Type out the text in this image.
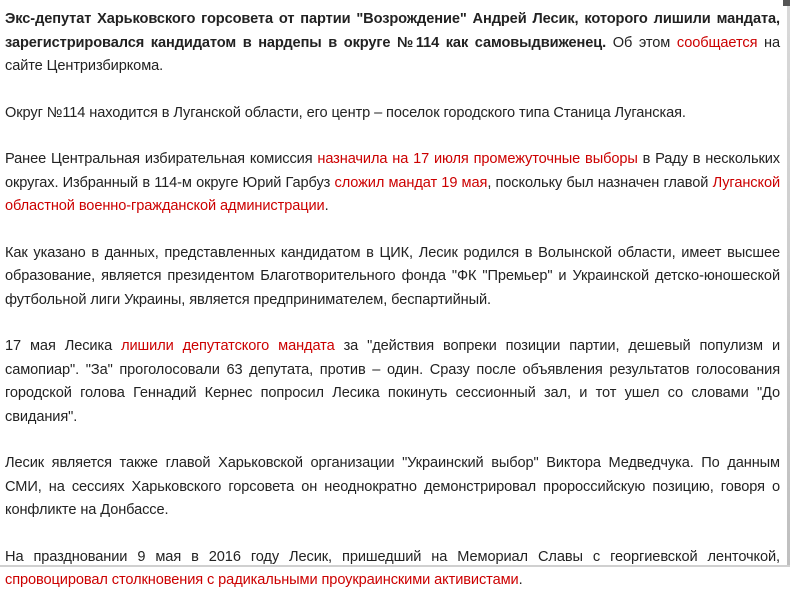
Экс-депутат Харьковского горсовета от партии "Возрождение" Андрей Лесик, которого лишили мандата, зарегистрировался кандидатом в нардепы в округе №114 как самовыдвиженец. Об этом сообщается на сайте Центризбиркома.

Округ №114 находится в Луганской области, его центр – поселок городского типа Станица Луганская.

Ранее Центральная избирательная комиссия назначила на 17 июля промежуточные выборы в Раду в нескольких округах. Избранный в 114-м округе Юрий Гарбуз сложил мандат 19 мая, поскольку был назначен главой Луганской областной военно-гражданской администрации.

Как указано в данных, представленных кандидатом в ЦИК, Лесик родился в Волынской области, имеет высшее образование, является президентом Благотворительного фонда "ФК "Премьер" и Украинской детско-юношеской футбольной лиги Украины, является предпринимателем, беспартийный.

17 мая Лесика лишили депутатского мандата за "действия вопреки позиции партии, дешевый популизм и самопиар". "За" проголосовали 63 депутата, против – один. Сразу после объявления результатов голосования городской голова Геннадий Кернес попросил Лесика покинуть сессионный зал, и тот ушел со словами "До свидания".

Лесик является также главой Харьковской организации "Украинский выбор" Виктора Медведчука. По данным СМИ, на сессиях Харьковского горсовета он неоднократно демонстрировал пророссийскую позицию, говоря о конфликте на Донбассе.

На праздновании 9 мая в 2016 году Лесик, пришедший на Мемориал Славы с георгиевской ленточкой, спровоцировал столкновения с радикальными проукраинскими активистами.
